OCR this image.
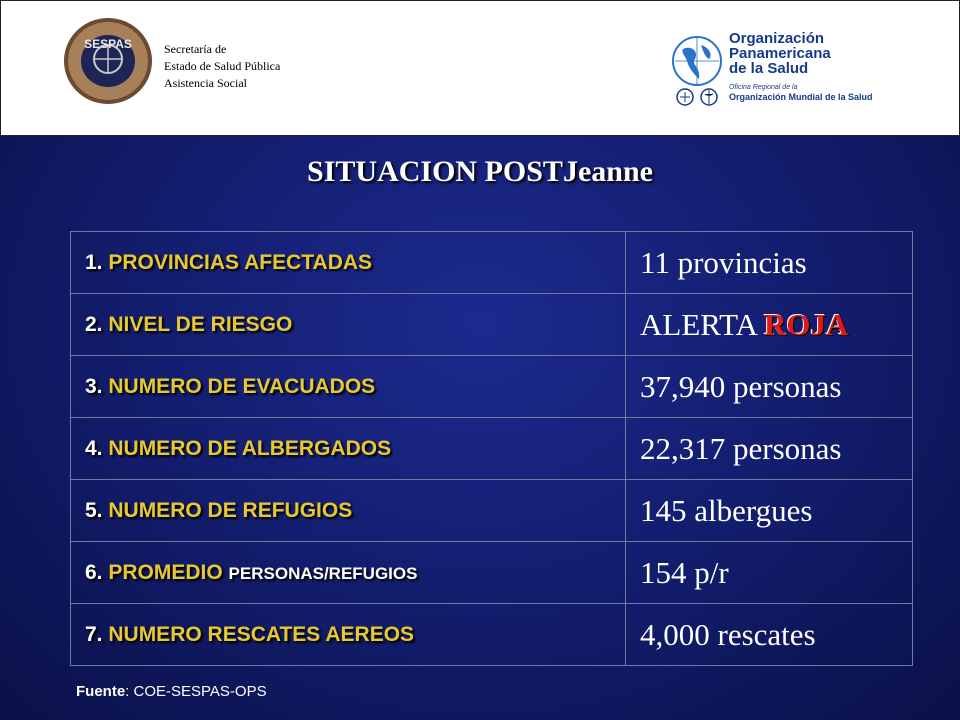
SESPAS	Secretaría de
Estado de Salud Pública
Asistencia Social
Organización
Panamericana
de la Salud
Oficina Regional de la
Organización Mundial de la Salud
SITUACION POSTJeanne
1. PROVINCIAS AFECTADAS	11 provincias
2. NIVEL DE RIESGO	ALERTA ROJA
3. NUMERO DE EVACUADOS	37,940 personas
4. NUMERO DE ALBERGADOS	22,317 personas
5. NUMERO DE REFUGIOS	145 albergues
6. PROMEDIO PERSONAS/REFUGIOS	154 p/r
7. NUMERO RESCATES AEREOS	4,000 rescates
Fuente: COE-SESPAS-OPS
